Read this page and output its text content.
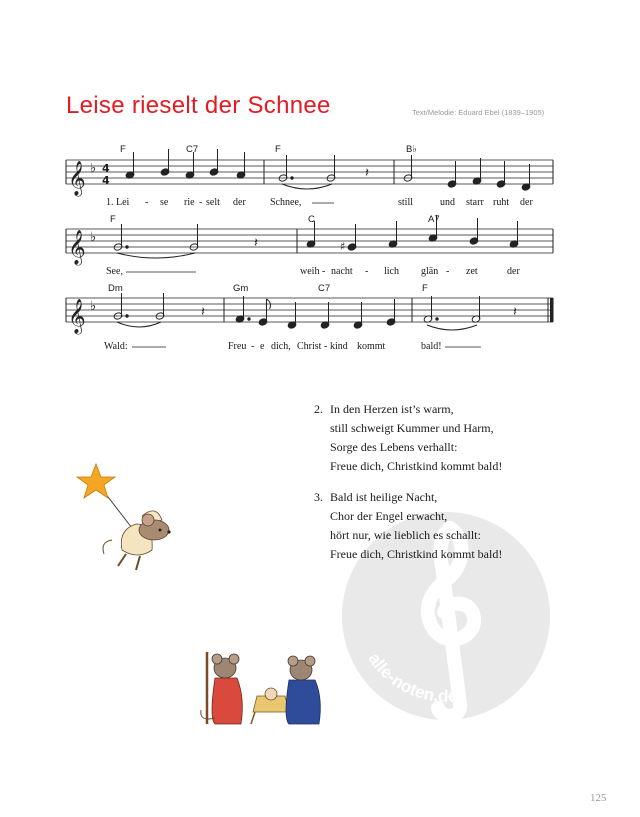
Leise rieselt der Schnee	Text/Melodie: Eduard Ebel (1839–1905)
alle-noten.de
𝄞
𝄞
𝄞
♭
♭
♭
4
4	𝄽
♯
𝄽
𝄽	𝄽
F	C7	F	B♭
F	C	A7
Dm	Gm	C7	F
1. Lei - se rie - selt der Schnee,	still	und starr ruht der
See,	weih - nacht - lich glän - zet	der
Wald:	Freu - e dich, Christ - kind kommt	bald!
2. In den Herzen ist’s warm,
still schweigt Kummer und Harm,
Sorge des Lebens verhallt:
Freue dich, Christkind kommt bald!
3. Bald ist heilige Nacht,
Chor der Engel erwacht,
hört nur, wie lieblich es schallt:
Freue dich, Christkind kommt bald!
125
